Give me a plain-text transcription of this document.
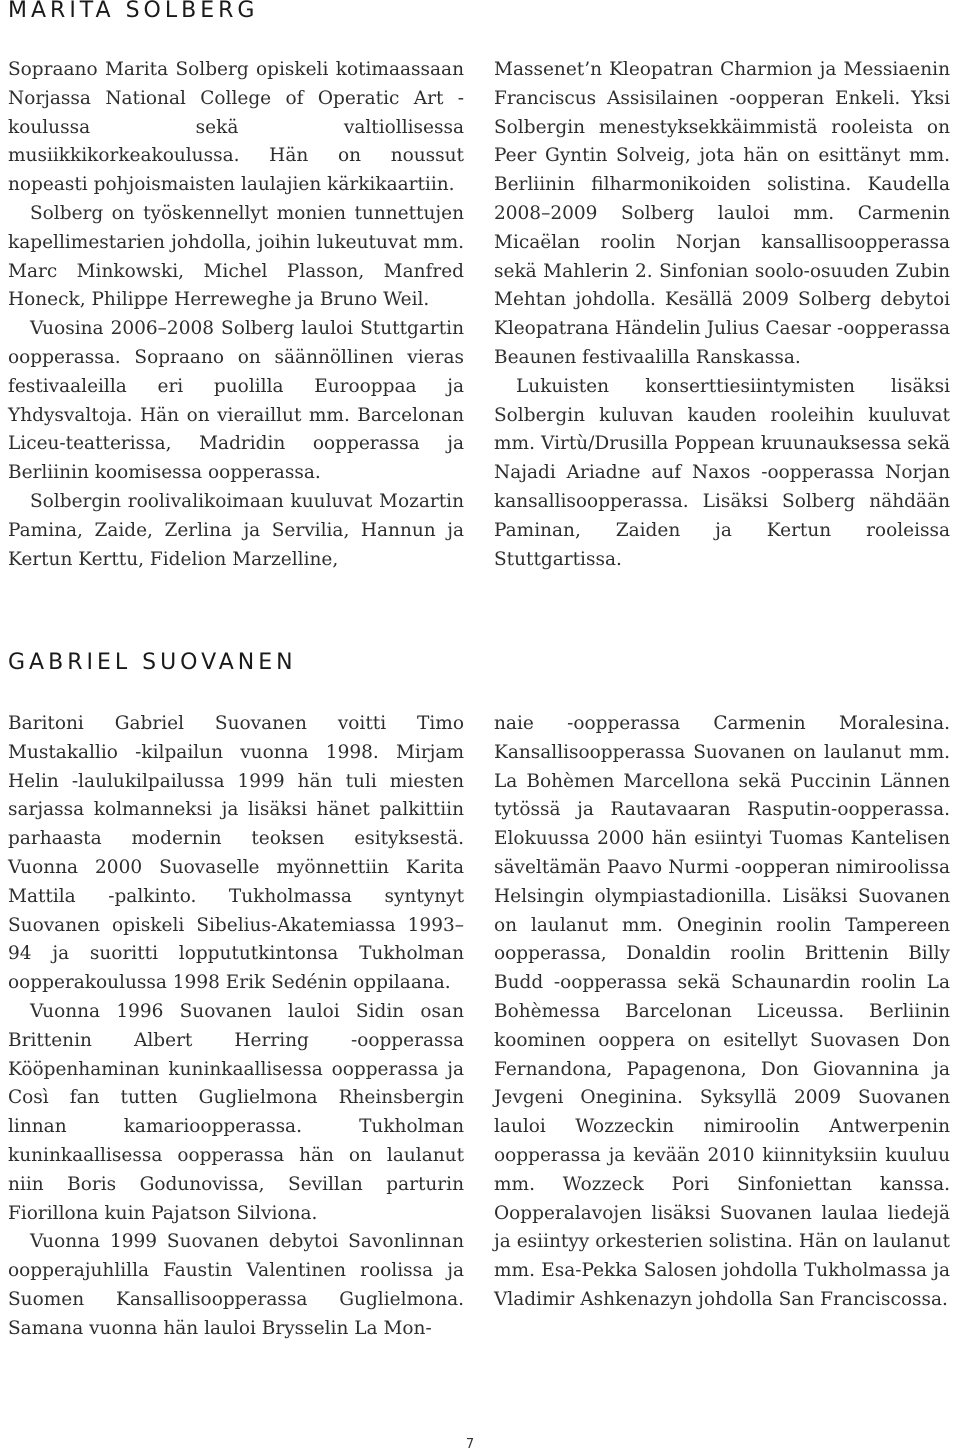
MARITA SOLBERG

Sopraano Marita Solberg opiskeli kotimaassaan Norjassa National College of Operatic Art -koulussa sekä valtiollisessa musiikkikorkeakoulussa. Hän on noussut nopeasti pohjoismaisten laulajien kärkikaartiin.

Solberg on työskennellyt monien tunnettujen kapellimestarien johdolla, joihin lukeutuvat mm. Marc Minkowski, Michel Plasson, Manfred Honeck, Philippe Herreweghe ja Bruno Weil.

Vuosina 2006–2008 Solberg lauloi Stuttgartin oopperassa. Sopraano on säännöllinen vieras festivaaleilla eri puolilla Eurooppaa ja Yhdysvaltoja. Hän on vieraillut mm. Barcelonan Liceu-teatterissa, Madridin oopperassa ja Berliinin koomisessa oopperassa.

Solbergin roolivalikoimaan kuuluvat Mozartin Pamina, Zaide, Zerlina ja Servilia, Hannun ja Kertun Kerttu, Fidelion Marzelline,

Massenet’n Kleopatran Charmion ja Messiaenin Franciscus Assisilainen -oopperan Enkeli. Yksi Solbergin menestyksekkäimmistä rooleista on Peer Gyntin Solveig, jota hän on esittänyt mm. Berliinin filharmonikoiden solistina. Kaudella 2008–2009 Solberg lauloi mm. Carmenin Micaëlan roolin Norjan kansallisoopperassa sekä Mahlerin 2. Sinfonian soolo-osuuden Zubin Mehtan johdolla. Kesällä 2009 Solberg debytoi Kleopatrana Händelin Julius Caesar -oopperassa Beaunen festivaalilla Ranskassa.

Lukuisten konserttiesiintymisten lisäksi Solbergin kuluvan kauden rooleihin kuuluvat mm. Virtù/Drusilla Poppean kruunauksessa sekä Najadi Ariadne auf Naxos -oopperassa Norjan kansallisoopperassa. Lisäksi Solberg nähdään Paminan, Zaiden ja Kertun rooleissa Stuttgartissa.

GABRIEL SUOVANEN

Baritoni Gabriel Suovanen voitti Timo Mustakallio -kilpailun vuonna 1998. Mirjam Helin -laulukilpailussa 1999 hän tuli miesten sarjassa kolmanneksi ja lisäksi hänet palkittiin parhaasta modernin teoksen esityksestä. Vuonna 2000 Suovaselle myönnettiin Karita Mattila -palkinto. Tukholmassa syntynyt Suovanen opiskeli Sibelius-Akatemiassa 1993–94 ja suoritti loppututkintonsa Tukholman oopperakoulussa 1998 Erik Sedénin oppilaana.

Vuonna 1996 Suovanen lauloi Sidin osan Brittenin Albert Herring -oopperassa Kööpenhaminan kuninkaallisessa oopperassa ja Così fan tutten Guglielmona Rheinsbergin linnan kamarioopperassa. Tukholman kuninkaallisessa oopperassa hän on laulanut niin Boris Godunovissa, Sevillan parturin Fiorillona kuin Pajatson Silviona.

Vuonna 1999 Suovanen debytoi Savonlinnan oopperajuhlilla Faustin Valentinen roolissa ja Suomen Kansallisoopperassa Guglielmona. Samana vuonna hän lauloi Brysselin La Mon-

naie -oopperassa Carmenin Moralesina. Kansallisoopperassa Suovanen on laulanut mm. La Bohèmen Marcellona sekä Puccinin Lännen tytössä ja Rautavaaran Rasputin-oopperassa. Elokuussa 2000 hän esiintyi Tuomas Kantelisen säveltämän Paavo Nurmi -oopperan nimiroolissa Helsingin olympiastadionilla. Lisäksi Suovanen on laulanut mm. Oneginin roolin Tampereen oopperassa, Donaldin roolin Brittenin Billy Budd -oopperassa sekä Schaunardin roolin La Bohèmessa Barcelonan Liceussa. Berliinin koominen ooppera on esitellyt Suovasen Don Fernandona, Papagenona, Don Giovannina ja Jevgeni Oneginina. Syksyllä 2009 Suovanen lauloi Wozzeckin nimiroolin Antwerpenin oopperassa ja kevään 2010 kiinnityksiin kuuluu mm. Wozzeck Pori Sinfoniettan kanssa. Oopperalavojen lisäksi Suovanen laulaa liedejä ja esiintyy orkesterien solistina. Hän on laulanut mm. Esa-Pekka Salosen johdolla Tukholmassa ja Vladimir Ashkenazyn johdolla San Franciscossa.

7
